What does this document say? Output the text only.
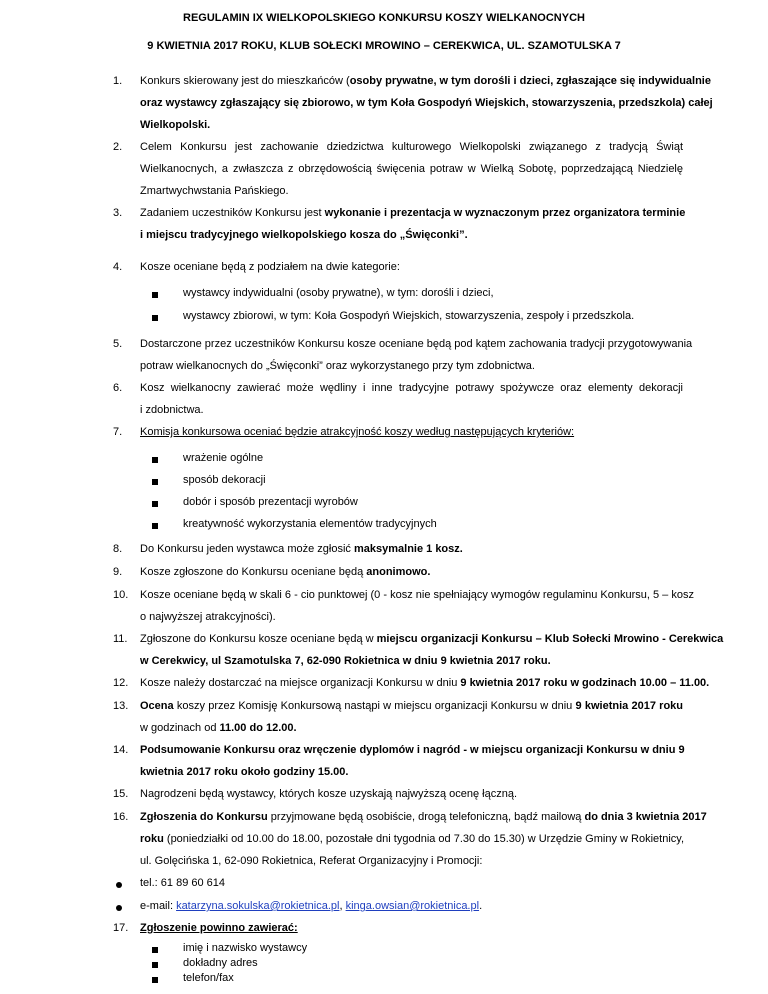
REGULAMIN IX WIELKOPOLSKIEGO KONKURSU KOSZY WIELKANOCNYCH
9 KWIETNIA 2017 ROKU, KLUB SOŁECKI MROWINO – CEREKWICA, UL. SZAMOTULSKA 7
1.	Konkurs skierowany jest do mieszkańców (osoby prywatne, w tym dorośli i dzieci, zgłaszające się indywidualnie
oraz wystawcy zgłaszający się zbiorowo, w tym Koła Gospodyń Wiejskich, stowarzyszenia, przedszkola) całej
Wielkopolski.
2.	Celem Konkursu jest zachowanie dziedzictwa kulturowego Wielkopolski związanego z tradycją Świąt
Wielkanocnych, a zwłaszcza z obrzędowością święcenia potraw w Wielką Sobotę, poprzedzającą Niedzielę
Zmartwychwstania Pańskiego.
3.	Zadaniem uczestników Konkursu jest wykonanie i prezentacja w wyznaczonym przez organizatora terminie
i miejscu tradycyjnego wielkopolskiego kosza do „Święconki”.
4.	Kosze oceniane będą z podziałem na dwie kategorie:
wystawcy indywidualni (osoby prywatne), w tym: dorośli i dzieci,
wystawcy zbiorowi, w tym: Koła Gospodyń Wiejskich, stowarzyszenia, zespoły i przedszkola.
5.	Dostarczone przez uczestników Konkursu kosze oceniane będą pod kątem zachowania tradycji przygotowywania
potraw wielkanocnych do „Święconki” oraz wykorzystanego przy tym zdobnictwa.
6.	Kosz wielkanocny zawierać może wędliny i inne tradycyjne potrawy spożywcze oraz elementy dekoracji
i zdobnictwa.
7.	Komisja konkursowa oceniać będzie atrakcyjność koszy według następujących kryteriów:
wrażenie ogólne
sposób dekoracji
dobór i sposób prezentacji wyrobów
kreatywność wykorzystania elementów tradycyjnych
8.	Do Konkursu jeden wystawca może zgłosić maksymalnie 1 kosz.
9.	Kosze zgłoszone do Konkursu oceniane będą anonimowo.
10.	Kosze oceniane będą w skali 6 - cio punktowej (0 - kosz nie spełniający wymogów regulaminu Konkursu, 5 – kosz
o najwyższej atrakcyjności).
11.	Zgłoszone do Konkursu kosze oceniane będą w miejscu organizacji Konkursu – Klub Sołecki Mrowino - Cerekwica
w Cerekwicy, ul Szamotulska 7, 62-090 Rokietnica w dniu 9 kwietnia 2017 roku.
12.	Kosze należy dostarczać na miejsce organizacji Konkursu w dniu 9 kwietnia 2017 roku w godzinach 10.00 – 11.00.
13.	Ocena koszy przez Komisję Konkursową nastąpi w miejscu organizacji Konkursu w dniu 9 kwietnia 2017 roku
w godzinach od 11.00 do 12.00.
14.	Podsumowanie Konkursu oraz wręczenie dyplomów i nagród - w miejscu organizacji Konkursu w dniu 9
kwietnia 2017 roku około godziny 15.00.
15.	Nagrodzeni będą wystawcy, których kosze uzyskają najwyższą ocenę łączną.
16.	Zgłoszenia do Konkursu przyjmowane będą osobiście, drogą telefoniczną, bądź mailową do dnia 3 kwietnia 2017
roku (poniedziałki od 10.00 do 18.00, pozostałe dni tygodnia od 7.30 do 15.30) w Urzędzie Gminy w Rokietnicy,
ul. Golęcińska 1, 62-090 Rokietnica, Referat Organizacyjny i Promocji:
tel.: 61 89 60 614
e-mail: katarzyna.sokulska@rokietnica.pl, kinga.owsian@rokietnica.pl.
17.	Zgłoszenie powinno zawierać:
imię i nazwisko wystawcy
dokładny adres
telefon/fax
adres e-mail.
18.	Formularz zgłoszeniowy do pobrania na stronie internetowej: www.rokietnica.pl.
19.	Organizator przewiduje nagrody i niespodzianki.
